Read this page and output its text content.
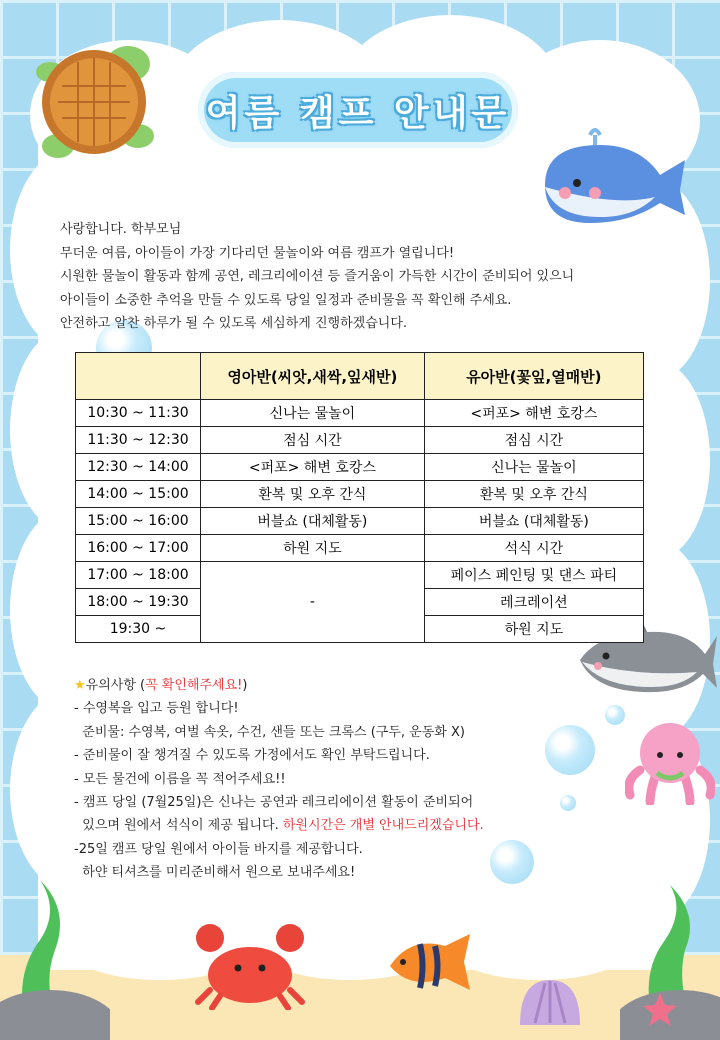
여름 캠프 안내문
사랑합니다. 학부모님
무더운 여름, 아이들이 가장 기다리던 물놀이와 여름 캠프가 열립니다!
시원한 물놀이 활동과 함께 공연, 레크리에이션 등 즐거움이 가득한 시간이 준비되어 있으니
아이들이 소중한 추억을 만들 수 있도록 당일 일정과 준비물을 꼭 확인해 주세요.
안전하고 알찬 하루가 될 수 있도록 세심하게 진행하겠습니다.
	영아반(씨앗,새싹,잎새반)	유아반(꽃잎,열매반)
10:30 ~ 11:30	신나는 물놀이	<퍼포> 해변 호캉스
11:30 ~ 12:30	점심 시간	점심 시간
12:30 ~ 14:00	<퍼포> 해변 호캉스	신나는 물놀이
14:00 ~ 15:00	환복 및 오후 간식	환복 및 오후 간식
15:00 ~ 16:00	버블쇼 (대체활동)	버블쇼 (대체활동)
16:00 ~ 17:00	하원 지도	석식 시간
17:00 ~ 18:00	-	페이스 페인팅 및 댄스 파티
18:00 ~ 19:30		레크레이션
19:30 ~		하원 지도
★유의사항 (꼭 확인해주세요!)
- 수영복을 입고 등원 합니다!
준비물: 수영복, 여벌 속옷, 수건, 샌들 또는 크록스 (구두, 운동화 X)
- 준비물이 잘 챙겨질 수 있도록 가정에서도 확인 부탁드립니다.
- 모든 물건에 이름을 꼭 적어주세요!!
- 캠프 당일 (7월25일)은 신나는 공연과 레크리에이션 활동이 준비되어
있으며 원에서 석식이 제공 됩니다. 하원시간은 개별 안내드리겠습니다.
-25일 캠프 당일 원에서 아이들 바지를 제공합니다.
하얀 티셔츠를 미리준비해서 원으로 보내주세요!
